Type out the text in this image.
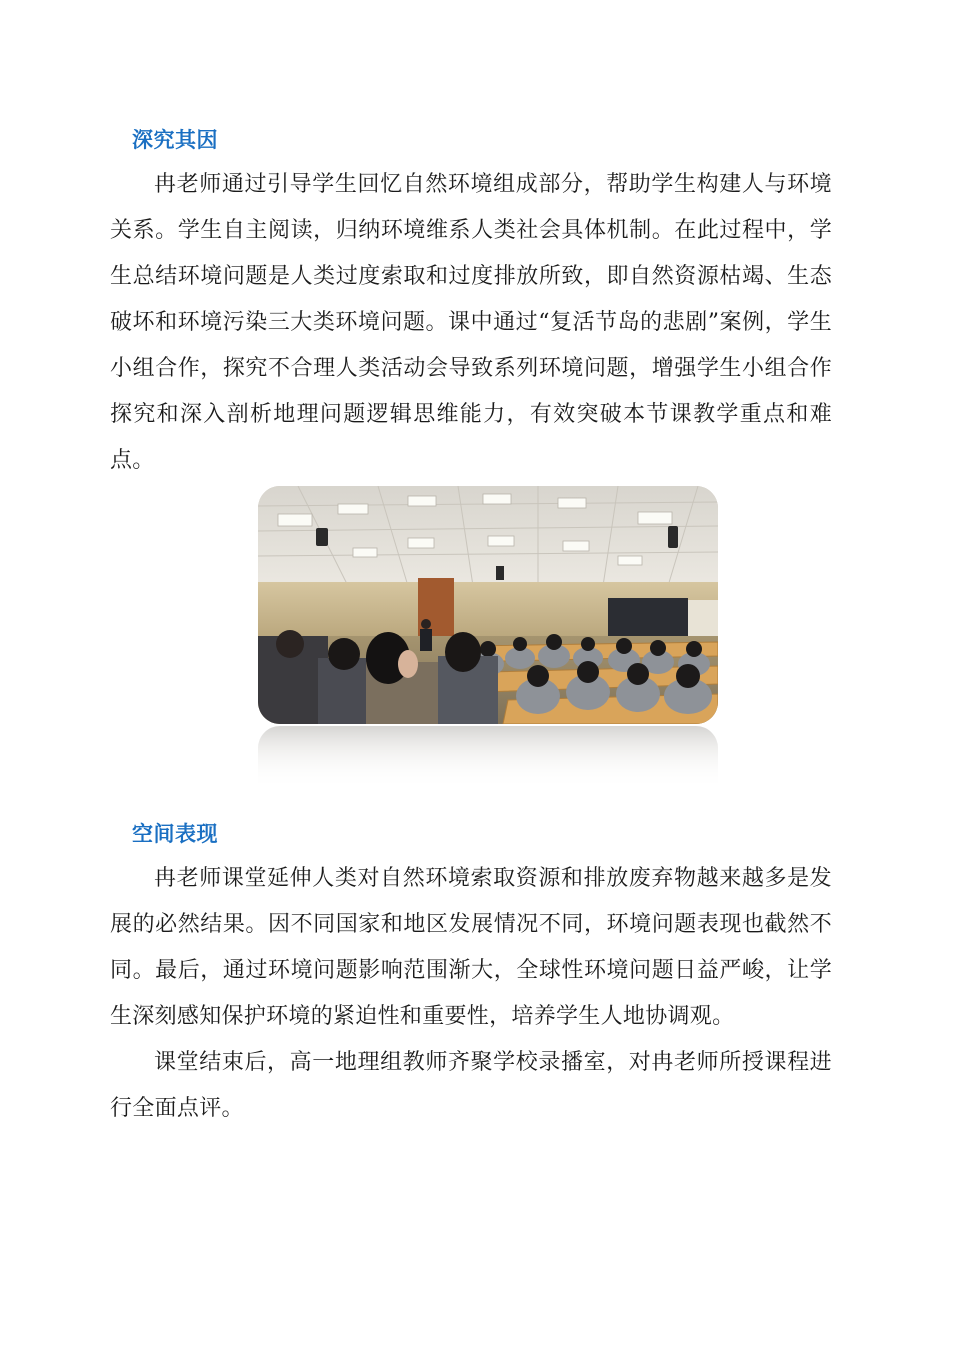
深究其因

冉老师通过引导学生回忆自然环境组成部分，帮助学生构建人与环境关系。学生自主阅读，归纳环境维系人类社会具体机制。在此过程中，学生总结环境问题是人类过度索取和过度排放所致，即自然资源枯竭、生态破坏和环境污染三大类环境问题。课中通过“复活节岛的悲剧”案例，学生小组合作，探究不合理人类活动会导致系列环境问题，增强学生小组合作探究和深入剖析地理问题逻辑思维能力，有效突破本节课教学重点和难点。

空间表现

冉老师课堂延伸人类对自然环境索取资源和排放废弃物越来越多是发展的必然结果。因不同国家和地区发展情况不同，环境问题表现也截然不同。最后，通过环境问题影响范围渐大，全球性环境问题日益严峻，让学生深刻感知保护环境的紧迫性和重要性，培养学生人地协调观。

课堂结束后，高一地理组教师齐聚学校录播室，对冉老师所授课程进行全面点评。
